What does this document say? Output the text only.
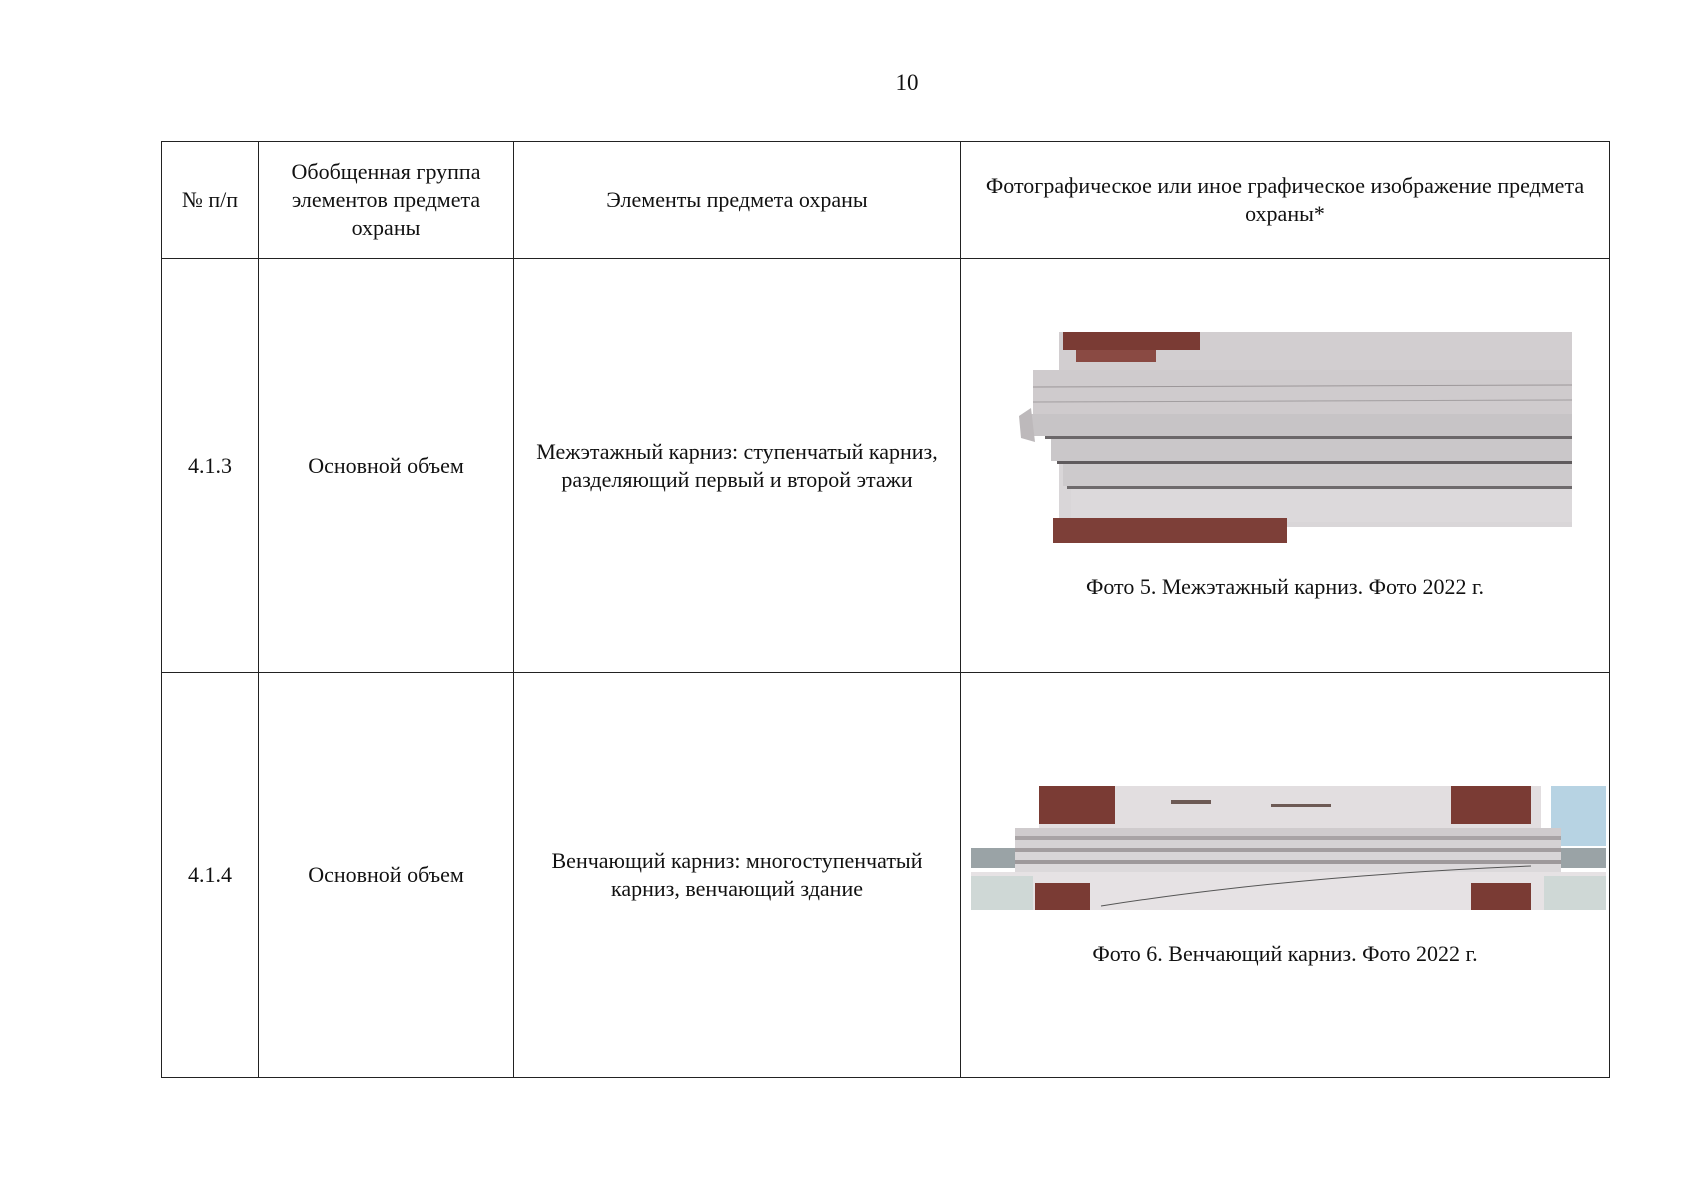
10
№ п/п	Обобщенная группа элементов предмета охраны	Элементы предмета охраны	Фотографическое или иное графическое изображение предмета охраны*
4.1.3	Основной объем	Межэтажный карниз: ступенчатый карниз, разделяющий первый и второй этажи	Фото 5. Межэтажный карниз. Фото 2022 г.

4.1.4	Основной объем	Венчающий карниз: многоступенчатый карниз, венчающий здание	Фото 6. Венчающий карниз. Фото 2022 г.
